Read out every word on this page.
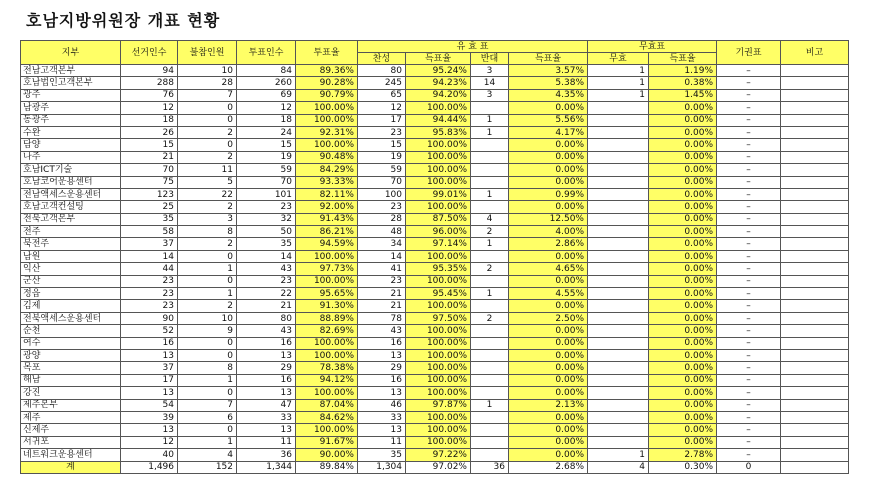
호남지방위원장 개표 현황
지부	선거인수	불참인원	투표인수	투표율	유 효 표				무효표		기권표	비고
					찬성	득표율	반대	득표율	무효	득표율		
전남고객본부	94	10	84	89.36%	80	95.24%	3	3.57%	1	1.19%	–	
호남법인고객본부	288	28	260	90.28%	245	94.23%	14	5.38%	1	0.38%	–	
광주	76	7	69	90.79%	65	94.20%	3	4.35%	1	1.45%	–	
남광주	12	0	12	100.00%	12	100.00%		0.00%		0.00%	–	
동광주	18	0	18	100.00%	17	94.44%	1	5.56%		0.00%	–	
수완	26	2	24	92.31%	23	95.83%	1	4.17%		0.00%	–	
담양	15	0	15	100.00%	15	100.00%		0.00%		0.00%	–	
나주	21	2	19	90.48%	19	100.00%		0.00%		0.00%	–	
호남ICT기술	70	11	59	84.29%	59	100.00%		0.00%		0.00%	–	
호남코어운용센터	75	5	70	93.33%	70	100.00%		0.00%		0.00%	–	
전남액세스운용센터	123	22	101	82.11%	100	99.01%	1	0.99%		0.00%	–	
호남고객컨설팅	25	2	23	92.00%	23	100.00%		0.00%		0.00%	–	
전북고객본부	35	3	32	91.43%	28	87.50%	4	12.50%		0.00%	–	
전주	58	8	50	86.21%	48	96.00%	2	4.00%		0.00%	–	
북전주	37	2	35	94.59%	34	97.14%	1	2.86%		0.00%	–	
남원	14	0	14	100.00%	14	100.00%		0.00%		0.00%	–	
익산	44	1	43	97.73%	41	95.35%	2	4.65%		0.00%	–	
군산	23	0	23	100.00%	23	100.00%		0.00%		0.00%	–	
정읍	23	1	22	95.65%	21	95.45%	1	4.55%		0.00%	–	
김제	23	2	21	91.30%	21	100.00%		0.00%		0.00%	–	
전북액세스운용센터	90	10	80	88.89%	78	97.50%	2	2.50%		0.00%	–	
순천	52	9	43	82.69%	43	100.00%		0.00%		0.00%	–	
여수	16	0	16	100.00%	16	100.00%		0.00%		0.00%	–	
광양	13	0	13	100.00%	13	100.00%		0.00%		0.00%	–	
목포	37	8	29	78.38%	29	100.00%		0.00%		0.00%	–	
해남	17	1	16	94.12%	16	100.00%		0.00%		0.00%	–	
강진	13	0	13	100.00%	13	100.00%		0.00%		0.00%	–	
제주본부	54	7	47	87.04%	46	97.87%	1	2.13%		0.00%	–	
제주	39	6	33	84.62%	33	100.00%		0.00%		0.00%	–	
신제주	13	0	13	100.00%	13	100.00%		0.00%		0.00%	–	
서귀포	12	1	11	91.67%	11	100.00%		0.00%		0.00%	–	
네트워크운용센터	40	4	36	90.00%	35	97.22%		0.00%	1	2.78%	–	
계	1,496	152	1,344	89.84%	1,304	97.02%	36	2.68%	4	0.30%	0	
